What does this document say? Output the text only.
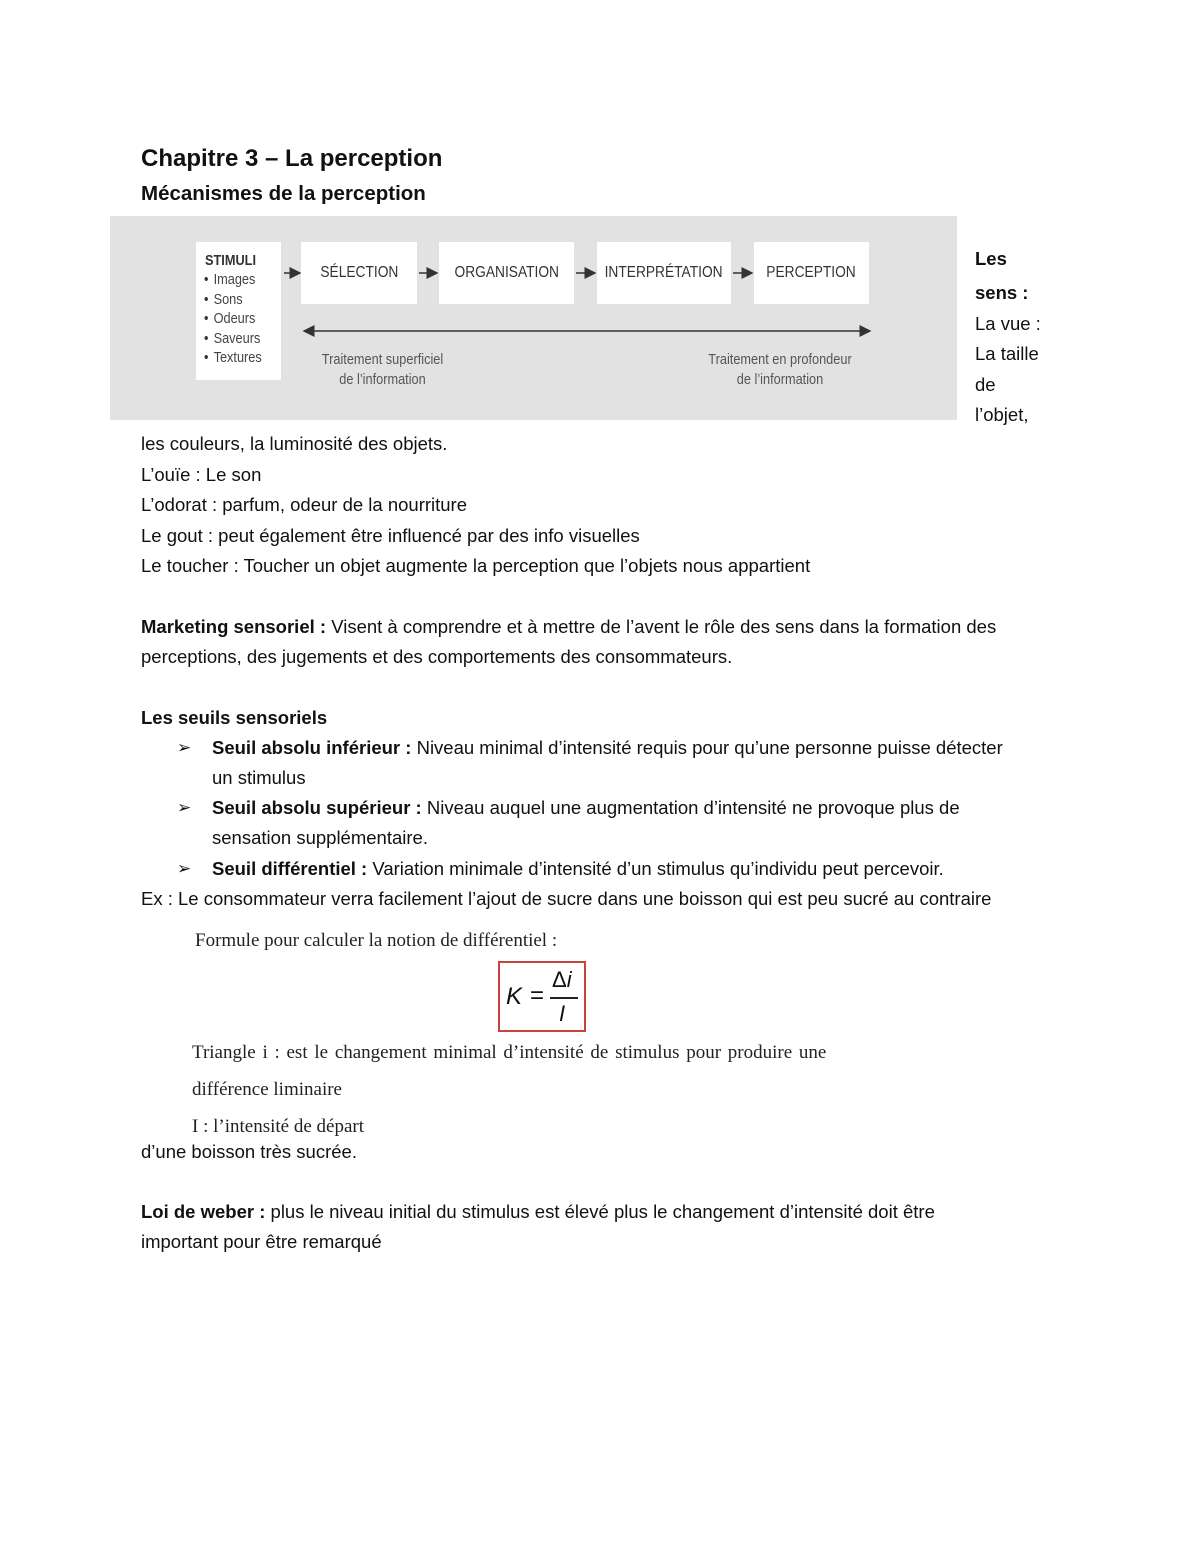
Chapitre 3 – La perception
Mécanismes de la perception
STIMULI
• Images
• Sons
• Odeurs
• Saveurs
• Textures
SÉLECTION	ORGANISATION	INTERPRÉTATION	PERCEPTION
Traitement superficiel
de l’information
Traitement en profondeur
de l’information
Les
sens :
La vue :
La taille
de
l’objet,
les couleurs, la luminosité des objets.
L’ouïe : Le son
L’odorat : parfum, odeur de la nourriture
Le gout : peut également être influencé par des info visuelles
Le toucher : Toucher un objet augmente la perception que l’objets nous appartient
Marketing sensoriel : Visent à comprendre et à mettre de l’avent le rôle des sens dans la formation des
perceptions, des jugements et des comportements des consommateurs.
Les seuils sensoriels
➢ Seuil absolu inférieur : Niveau minimal d’intensité requis pour qu’une personne puisse détecter
un stimulus
➢ Seuil absolu supérieur : Niveau auquel une augmentation d’intensité ne provoque plus de
sensation supplémentaire.
➢ Seuil différentiel : Variation minimale d’intensité d’un stimulus qu’individu peut percevoir.
Ex : Le consommateur verra facilement l’ajout de sucre dans une boisson qui est peu sucré au contraire
Formule pour calculer la notion de différentiel :
K =
Δi
I
Triangle i : est le changement minimal d’intensité de stimulus pour produire une
différence liminaire
I : l’intensité de départ
d’une boisson très sucrée.
Loi de weber : plus le niveau initial du stimulus est élevé plus le changement d’intensité doit être
important pour être remarqué
